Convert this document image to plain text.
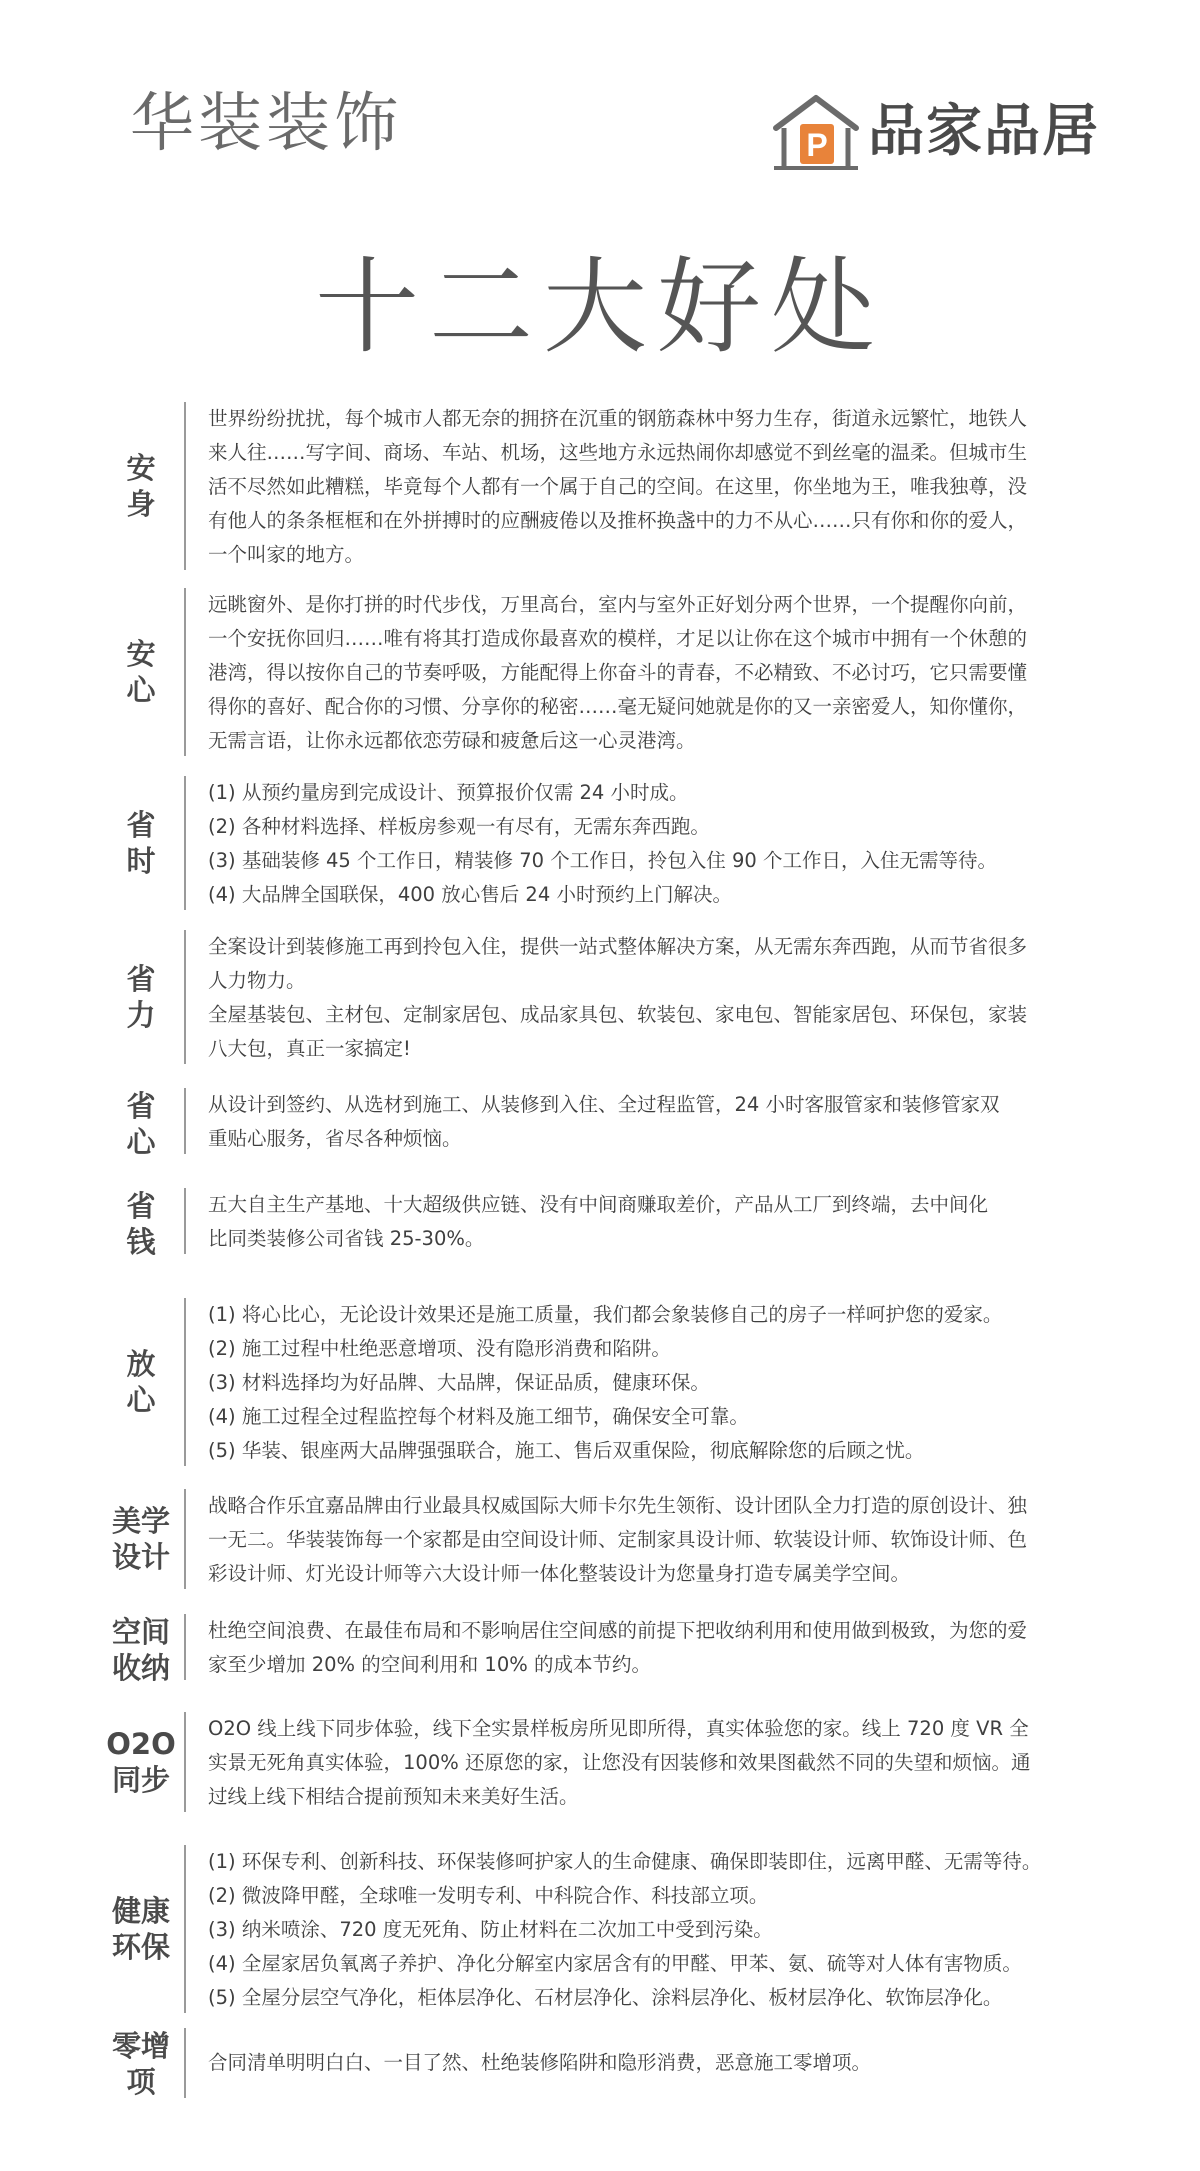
华装装饰	P 品家品居
十二大好处
安
身

世界纷纷扰扰，每个城市人都无奈的拥挤在沉重的钢筋森林中努力生存，街道永远繁忙，地铁人

来人往……写字间、商场、车站、机场，这些地方永远热闹你却感觉不到丝毫的温柔。但城市生

活不尽然如此糟糕，毕竟每个人都有一个属于自己的空间。在这里，你坐地为王，唯我独尊，没

有他人的条条框框和在外拼搏时的应酬疲倦以及推杯换盏中的力不从心……只有你和你的爱人，

一个叫家的地方。

安
心

远眺窗外、是你打拼的时代步伐，万里高台，室内与室外正好划分两个世界，一个提醒你向前，

一个安抚你回归……唯有将其打造成你最喜欢的模样，才足以让你在这个城市中拥有一个休憩的

港湾，得以按你自己的节奏呼吸，方能配得上你奋斗的青春，不必精致、不必讨巧，它只需要懂

得你的喜好、配合你的习惯、分享你的秘密……毫无疑问她就是你的又一亲密爱人，知你懂你，

无需言语，让你永远都依恋劳碌和疲惫后这一心灵港湾。

省
时

(1) 从预约量房到完成设计、预算报价仅需 24 小时成。

(2) 各种材料选择、样板房参观一有尽有，无需东奔西跑。

(3) 基础装修 45 个工作日，精装修 70 个工作日，拎包入住 90 个工作日，入住无需等待。

(4) 大品牌全国联保，400 放心售后 24 小时预约上门解决。

省
力

全案设计到装修施工再到拎包入住，提供一站式整体解决方案，从无需东奔西跑，从而节省很多

人力物力。

全屋基装包、主材包、定制家居包、成品家具包、软装包、家电包、智能家居包、环保包，家装

八大包，真正一家搞定!

省
心

从设计到签约、从选材到施工、从装修到入住、全过程监管，24 小时客服管家和装修管家双

重贴心服务，省尽各种烦恼。

省
钱

五大自主生产基地、十大超级供应链、没有中间商赚取差价，产品从工厂到终端，去中间化

比同类装修公司省钱 25-30%。

放
心

(1) 将心比心，无论设计效果还是施工质量，我们都会象装修自己的房子一样呵护您的爱家。

(2) 施工过程中杜绝恶意增项、没有隐形消费和陷阱。

(3) 材料选择均为好品牌、大品牌，保证品质，健康环保。

(4) 施工过程全过程监控每个材料及施工细节，确保安全可靠。

(5) 华装、银座两大品牌强强联合，施工、售后双重保险，彻底解除您的后顾之忧。

美学
设计

战略合作乐宜嘉品牌由行业最具权威国际大师卡尔先生领衔、设计团队全力打造的原创设计、独

一无二。华装装饰每一个家都是由空间设计师、定制家具设计师、软装设计师、软饰设计师、色

彩设计师、灯光设计师等六大设计师一体化整装设计为您量身打造专属美学空间。

空间
收纳

杜绝空间浪费、在最佳布局和不影响居住空间感的前提下把收纳利用和使用做到极致，为您的爱

家至少增加 20% 的空间利用和 10% 的成本节约。

O2O
同步

O2O 线上线下同步体验，线下全实景样板房所见即所得，真实体验您的家。线上 720 度 VR 全

实景无死角真实体验，100% 还原您的家，让您没有因装修和效果图截然不同的失望和烦恼。通

过线上线下相结合提前预知未来美好生活。

健康
环保

(1) 环保专利、创新科技、环保装修呵护家人的生命健康、确保即装即住，远离甲醛、无需等待。

(2) 微波降甲醛，全球唯一发明专利、中科院合作、科技部立项。

(3) 纳米喷涂、720 度无死角、防止材料在二次加工中受到污染。

(4) 全屋家居负氧离子养护、净化分解室内家居含有的甲醛、甲苯、氨、硫等对人体有害物质。

(5) 全屋分层空气净化，柜体层净化、石材层净化、涂料层净化、板材层净化、软饰层净化。

零增
项

合同清单明明白白、一目了然、杜绝装修陷阱和隐形消费，恶意施工零增项。
